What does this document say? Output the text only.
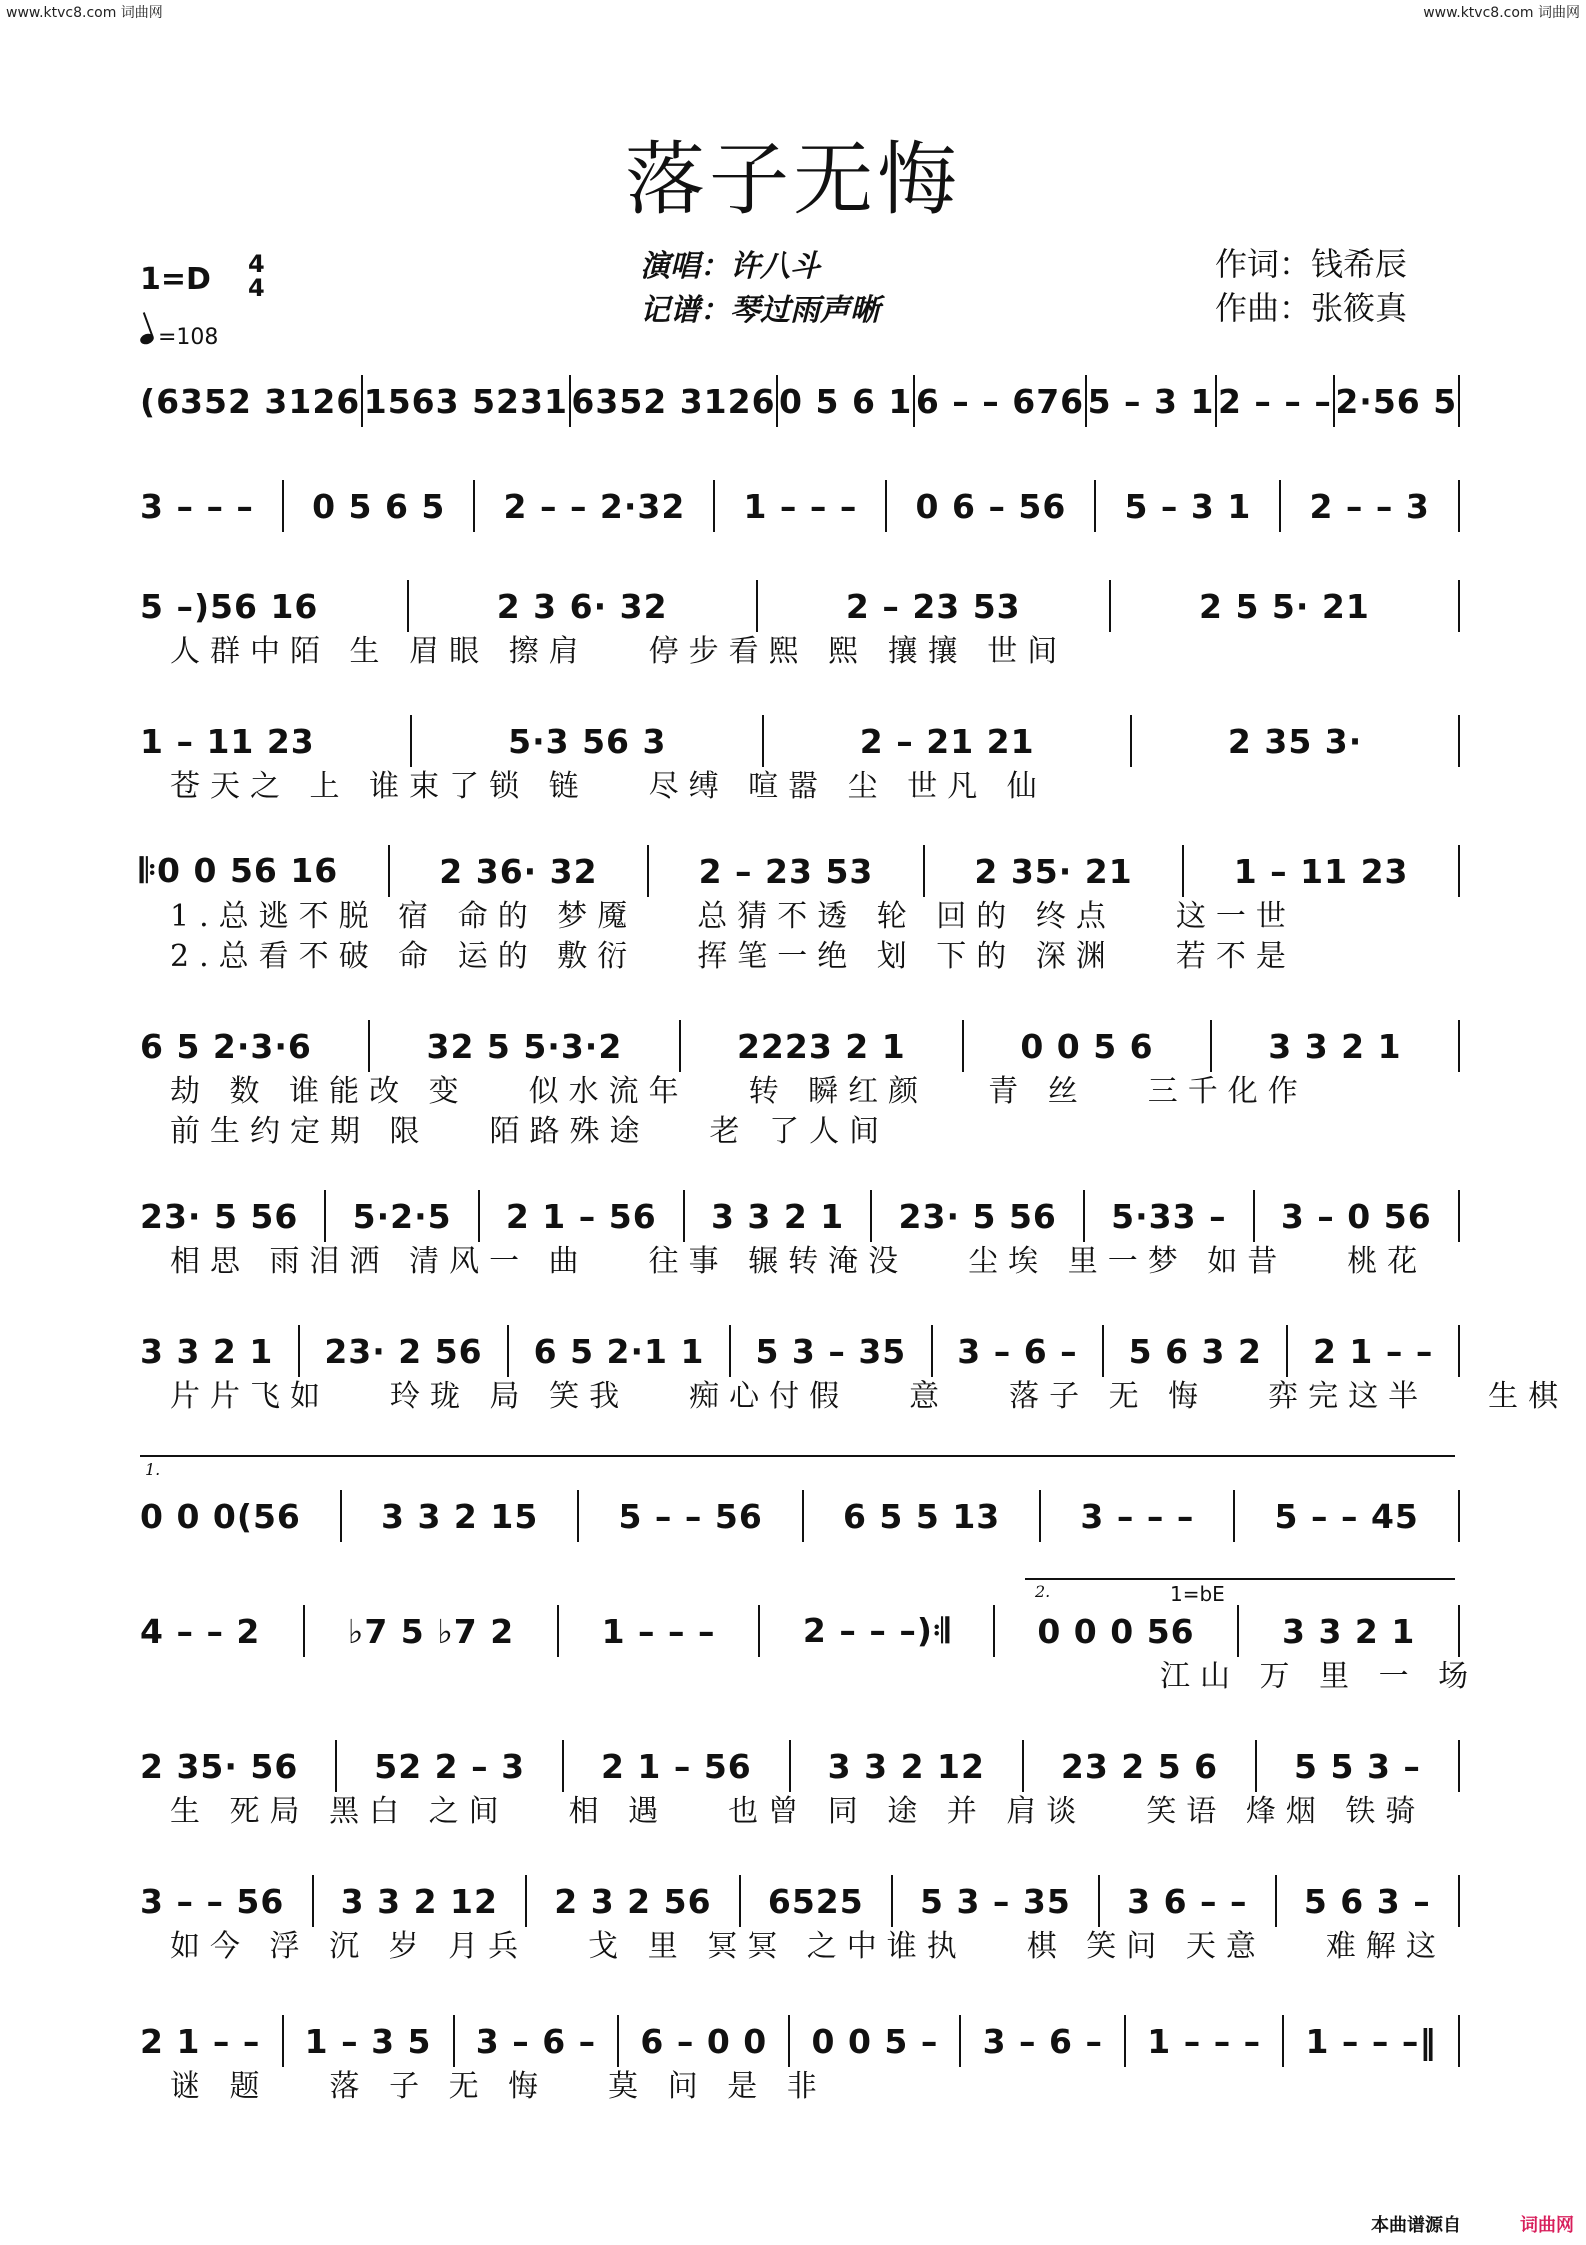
www.ktvc8.com 词曲网	www.ktvc8.com 词曲网
落子无悔
1=D 4
4
=108
演唱：许八斗
记谱：琴过雨声晰
作词：钱希辰
作曲：张筱真
(6352 3126 1563 5231 6352 3126 0 5 6 1 6 – – 676 5 – 3 1 2 – – – 2·56 5
3 – – – 0 5 6 5 2 – – 2·32 1 – – – 0 6 – 56 5 – 3 1 2 – – 3
5 –)56 16	2 3 6· 32	2 – 23 53	2 5 5· 21
人群中陌 生 眉眼 擦肩 停步看熙 熙 攘攘 世间
1 – 11 23	5·3 56 3	2 – 21 21	2 35 3·
苍天之 上 谁束了锁 链 尽缚 喧嚣 尘 世凡 仙
𝄆0 0 56 16	2 36· 32	2 – 23 53	2 35· 21	1 – 11 23
1.总逃不脱 宿 命的 梦魇 总猜不透 轮 回的 终点 这一世
2.总看不破 命 运的 敷衍 挥笔一绝 划 下的 深渊 若不是
6 5 2·3·6	32 5 5·3·2	2223 2 1	0 0 5 6	3 3 2 1
劫 数 谁能改 变 似水流年 转 瞬红颜 青 丝 三千化作
前生约定期 限 陌路殊途 老 了人间
23· 5 56 5·2·5 2 1 – 56 3 3 2 1 23· 5 56 5·33 – 3 – 0 56
相思 雨泪洒 清风一 曲 往事 辗转淹没 尘埃 里一梦 如昔 桃花
3 3 2 1 23· 2 56 6 5 2·1 1 5 3 – 35 3 – 6 – 5 6 3 2 2 1 – –
片片飞如 玲珑 局 笑我 痴心付假 意 落子 无 悔 弈完这半 生棋
0 0 0(56 3 3 2 15 5 – – 56 6 5 5 13 3 – – – 5 – – 45
4 – – 2	♭7 5 ♭7 2	1 – – –	2 – – –)𝄇	0 0 0 56	3 3 2 1
江山 万 里 一 场
2 35· 56 52 2 – 3 2 1 – 56 3 3 2 12 23 2 5 6 5 5 3 –
生 死局 黑白 之间 相 遇 也曾 同 途 并 肩谈 笑语 烽烟 铁骑
3 – – 56 3 3 2 12 2 3 2 56 6525 5 3 – 35 3 6 – – 5 6 3 –
如今 浮 沉 岁 月兵 戈 里 冥冥 之中谁执 棋 笑问 天意 难解这
2 1 – – 1 – 3 5 3 – 6 – 6 – 0 0 0 0 5 – 3 – 6 – 1 – – – 1 – – –‖
谜 题 落 子 无 悔 莫 问 是 非
1.
2.	1=bE
本曲谱源自	词曲网
